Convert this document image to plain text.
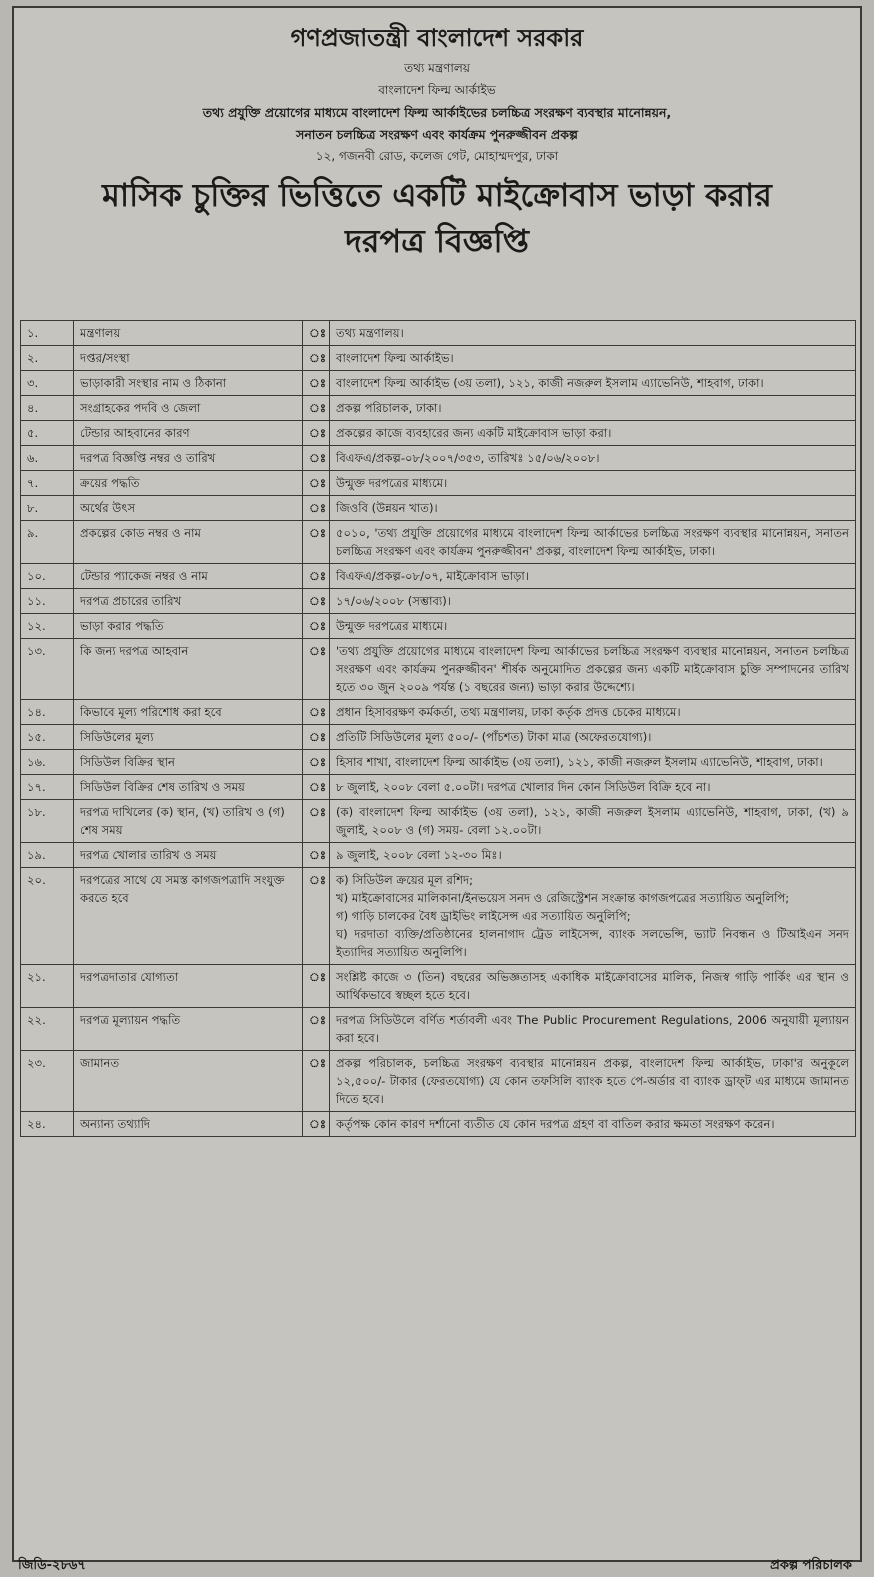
গণপ্রজাতন্ত্রী বাংলাদেশ সরকার
তথ্য মন্ত্রণালয়
বাংলাদেশ ফিল্ম আর্কাইভ
তথ্য প্রযুক্তি প্রয়োগের মাধ্যমে বাংলাদেশ ফিল্ম আর্কাইভের চলচ্চিত্র সংরক্ষণ ব্যবস্থার মানোন্নয়ন,
সনাতন চলচ্চিত্র সংরক্ষণ এবং কার্যক্রম পুনরুজ্জীবন প্রকল্প
১২, গজনবী রোড, কলেজ গেট, মোহাম্মদপুর, ঢাকা
মাসিক চুক্তির ভিত্তিতে একটি মাইক্রোবাস ভাড়া করার
দরপত্র বিজ্ঞপ্তি
১.	মন্ত্রণালয়	ঃ	তথ্য মন্ত্রণালয়।
২.	দপ্তর/সংস্থা	ঃ	বাংলাদেশ ফিল্ম আর্কাইভ।
৩.	ভাড়াকারী সংস্থার নাম ও ঠিকানা	ঃ	বাংলাদেশ ফিল্ম আর্কাইভ (৩য় তলা), ১২১, কাজী নজরুল ইসলাম এ্যাভেনিউ, শাহবাগ, ঢাকা।
৪.	সংগ্রাহকের পদবি ও জেলা	ঃ	প্রকল্প পরিচালক, ঢাকা।
৫.	টেন্ডার আহবানের কারণ	ঃ	প্রকল্পের কাজে ব্যবহারের জন্য একটি মাইক্রোবাস ভাড়া করা।
৬.	দরপত্র বিজ্ঞপ্তি নম্বর ও তারিখ	ঃ	বিএফএ/প্রকল্প-০৮/২০০৭/৩৫৩, তারিখঃ ১৫/০৬/২০০৮।
৭.	ক্রয়ের পদ্ধতি	ঃ	উন্মুক্ত দরপত্রের মাধ্যমে।
৮.	অর্থের উৎস	ঃ	জিওবি (উন্নয়ন খাত)।
৯.	প্রকল্পের কোড নম্বর ও নাম	ঃ	৫০১০, 'তথ্য প্রযুক্তি প্রয়োগের মাধ্যমে বাংলাদেশ ফিল্ম আর্কাভের চলচ্চিত্র সংরক্ষণ ব্যবস্থার মানোন্নয়ন, সনাতন চলচ্চিত্র সংরক্ষণ এবং কার্যক্রম পুনরুজ্জীবন' প্রকল্প, বাংলাদেশ ফিল্ম আর্কাইভ, ঢাকা।
১০.	টেন্ডার প্যাকেজ নম্বর ও নাম	ঃ	বিএফএ/প্রকল্প-০৮/০৭, মাইক্রোবাস ভাড়া।
১১.	দরপত্র প্রচারের তারিখ	ঃ	১৭/০৬/২০০৮ (সম্ভাব্য)।
১২.	ভাড়া করার পদ্ধতি	ঃ	উন্মুক্ত দরপত্রের মাধ্যমে।
১৩.	কি জন্য দরপত্র আহবান	ঃ	'তথ্য প্রযুক্তি প্রয়োগের মাধ্যমে বাংলাদেশ ফিল্ম আর্কাভের চলচ্চিত্র সংরক্ষণ ব্যবস্থার মানোন্নয়ন, সনাতন চলচ্চিত্র সংরক্ষণ এবং কার্যক্রম পুনরুজ্জীবন' শীর্ষক অনুমোদিত প্রকল্পের জন্য একটি মাইক্রোবাস চুক্তি সম্পাদনের তারিখ হতে ৩০ জুন ২০০৯ পর্যন্ত (১ বছরের জন্য) ভাড়া করার উদ্দেশ্যে।
১৪.	কিভাবে মূল্য পরিশোধ করা হবে	ঃ	প্রধান হিসাবরক্ষণ কর্মকর্তা, তথ্য মন্ত্রণালয়, ঢাকা কর্তৃক প্রদত্ত চেকের মাধ্যমে।
১৫.	সিডিউলের মূল্য	ঃ	প্রতিটি সিডিউলের মূল্য ৫০০/- (পাঁচশত) টাকা মাত্র (অফেরতযোগ্য)।
১৬.	সিডিউল বিক্রির স্থান	ঃ	হিসাব শাখা, বাংলাদেশ ফিল্ম আর্কাইভ (৩য় তলা), ১২১, কাজী নজরুল ইসলাম এ্যাভেনিউ, শাহবাগ, ঢাকা।
১৭.	সিডিউল বিক্রির শেষ তারিখ ও সময়	ঃ	৮ জুলাই, ২০০৮ বেলা ৫.০০টা। দরপত্র খোলার দিন কোন সিডিউল বিক্রি হবে না।
১৮.	দরপত্র দাখিলের (ক) স্থান, (খ) তারিখ ও (গ) শেষ সময়	ঃ	(ক) বাংলাদেশ ফিল্ম আর্কাইভ (৩য় তলা), ১২১, কাজী নজরুল ইসলাম এ্যাভেনিউ, শাহবাগ, ঢাকা, (খ) ৯ জুলাই, ২০০৮ ও (গ) সময়- বেলা ১২.০০টা।
১৯.	দরপত্র খোলার তারিখ ও সময়	ঃ	৯ জুলাই, ২০০৮ বেলা ১২-৩০ মিঃ।
২০.	দরপত্রের সাথে যে সমস্ত কাগজপত্রাদি সংযুক্ত করতে হবে	ঃ	ক) সিডিউল ক্রয়ের মূল রশিদ;
খ) মাইক্রোবাসের মালিকানা/ইনভয়েস সনদ ও রেজিস্ট্রেশন সংক্রান্ত কাগজপত্রের সত্যায়িত অনুলিপি;
গ) গাড়ি চালকের বৈধ ড্রাইভিং লাইসেন্স এর সত্যায়িত অনুলিপি;
ঘ) দরদাতা ব্যক্তি/প্রতিষ্ঠানের হালনাগাদ ট্রেড লাইসেন্স, ব্যাংক সলভেন্সি, ভ্যাট নিবন্ধন ও টিআইএন সনদ ইত্যাদির সত্যায়িত অনুলিপি।

২১.	দরপত্রদাতার যোগ্যতা	ঃ	সংশ্লিষ্ট কাজে ৩ (তিন) বছরের অভিজ্ঞতাসহ একাধিক মাইক্রোবাসের মালিক, নিজস্ব গাড়ি পার্কিং এর স্থান ও আর্থিকভাবে স্বচ্ছল হতে হবে।
২২.	দরপত্র মূল্যায়ন পদ্ধতি	ঃ	দরপত্র সিডিউলে বর্ণিত শর্তাবলী এবং The Public Procurement Regulations, 2006 অনুযায়ী মূল্যায়ন করা হবে।
২৩.	জামানত	ঃ	প্রকল্প পরিচালক, চলচ্চিত্র সংরক্ষণ ব্যবস্থার মানোন্নয়ন প্রকল্প, বাংলাদেশ ফিল্ম আর্কাইভ, ঢাকা'র অনুকূলে ১২,৫০০/- টাকার (ফেরতযোগ্য) যে কোন তফসিলি ব্যাংক হতে পে-অর্ডার বা ব্যাংক ড্রাফ্‌ট এর মাধ্যমে জামানত দিতে হবে।
২৪.	অন্যান্য তথ্যাদি	ঃ	কর্তৃপক্ষ কোন কারণ দর্শানো ব্যতীত যে কোন দরপত্র গ্রহণ বা বাতিল করার ক্ষমতা সংরক্ষণ করেন।
জিডি-২৮৬৭	প্রকল্প পরিচালক
